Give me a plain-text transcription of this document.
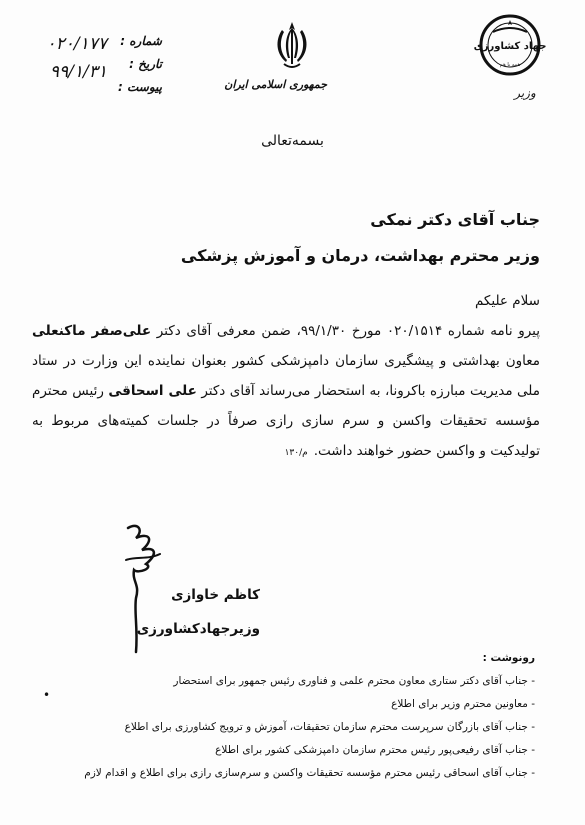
۰۲۰/۱۷۷
۹۹/۱/۳۱
شماره :
تاریخ :
پیوست :	جمهوری اسلامی ایران
جهاد کشاورزی
همه با هم
وزیر
بسمه‌تعالی
جناب آقای دکتر نمکی
وزیر محترم بهداشت، درمان و آموزش پزشکی

سلام علیکم

پیرو نامه شماره ۰۲۰/۱۵۱۴ مورخ ۹۹/۱/۳۰، ضمن معرفی آقای دکتر علی‌صفر ماکنعلی معاون بهداشتی و پیشگیری سازمان دامپزشکی کشور بعنوان نماینده این وزارت در ستاد ملی مدیریت مبارزه باکرونا، به استحضار می‌رساند آقای دکتر علی اسحاقی رئیس محترم مؤسسه تحقیقات واکسن و سرم سازی رازی صرفاً در جلسات کمیته‌های مربوط به تولیدکیت و واکسن حضور خواهند داشت.م/۱۳۰

کاظم خاوازی
وزیرجهادکشاورزی
رونوشت :
- جناب آقای دکتر ستاری معاون محترم علمی و فناوری رئیس جمهور برای استحضار
- معاونین محترم وزیر برای اطلاع
- جناب آقای بازرگان سرپرست محترم سازمان تحقیقات، آموزش و ترویج کشاورزی برای اطلاع
- جناب آقای رفیعی‌پور رئیس محترم سازمان دامپزشکی کشور برای اطلاع
- جناب آقای اسحاقی رئیس محترم مؤسسه تحقیقات واکسن و سرم‌سازی رازی برای اطلاع و اقدام لازم
•
